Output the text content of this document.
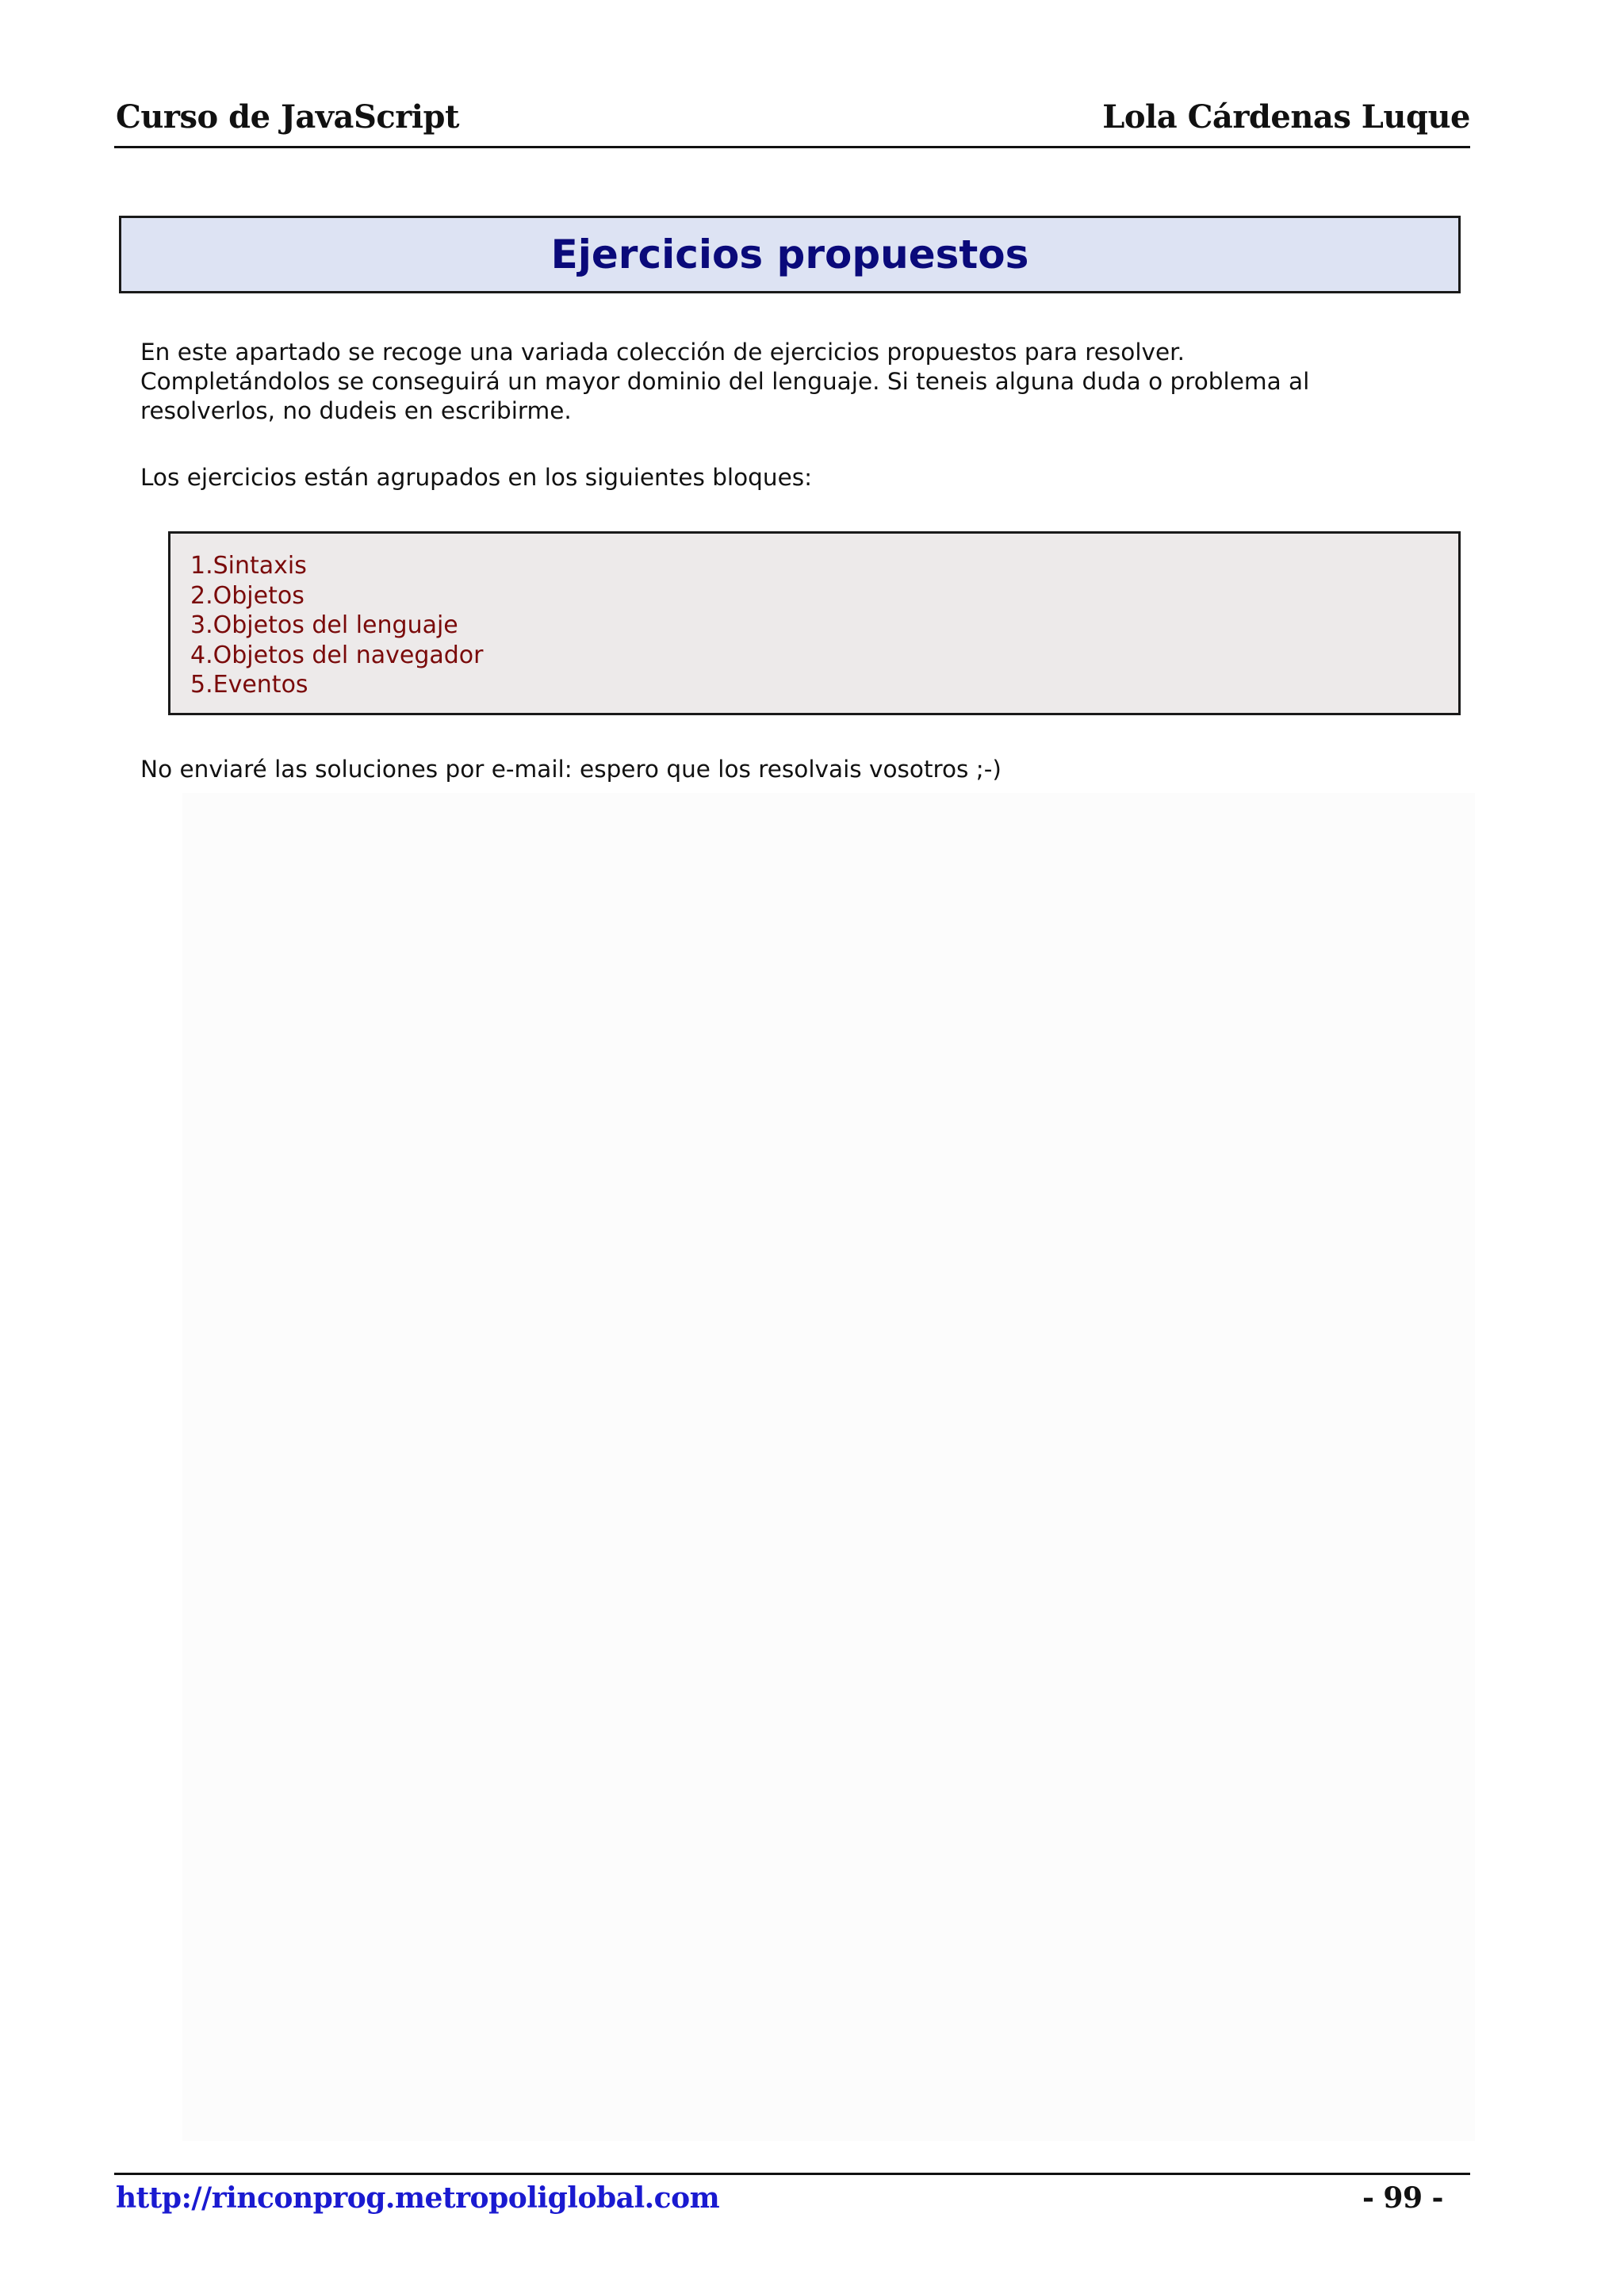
Curso de JavaScript	Lola Cárdenas Luque
Ejercicios propuestos

En este apartado se recoge una variada colección de ejercicios propuestos para resolver.
Completándolos se conseguirá un mayor dominio del lenguaje. Si teneis alguna duda o problema al
resolverlos, no dudeis en escribirme.

Los ejercicios están agrupados en los siguientes bloques:

1.Sintaxis
2.Objetos
3.Objetos del lenguaje
4.Objetos del navegador
5.Eventos

No enviaré las soluciones por e-mail: espero que los resolvais vosotros ;-)

http://rinconprog.metropoliglobal.com	- 99 -
